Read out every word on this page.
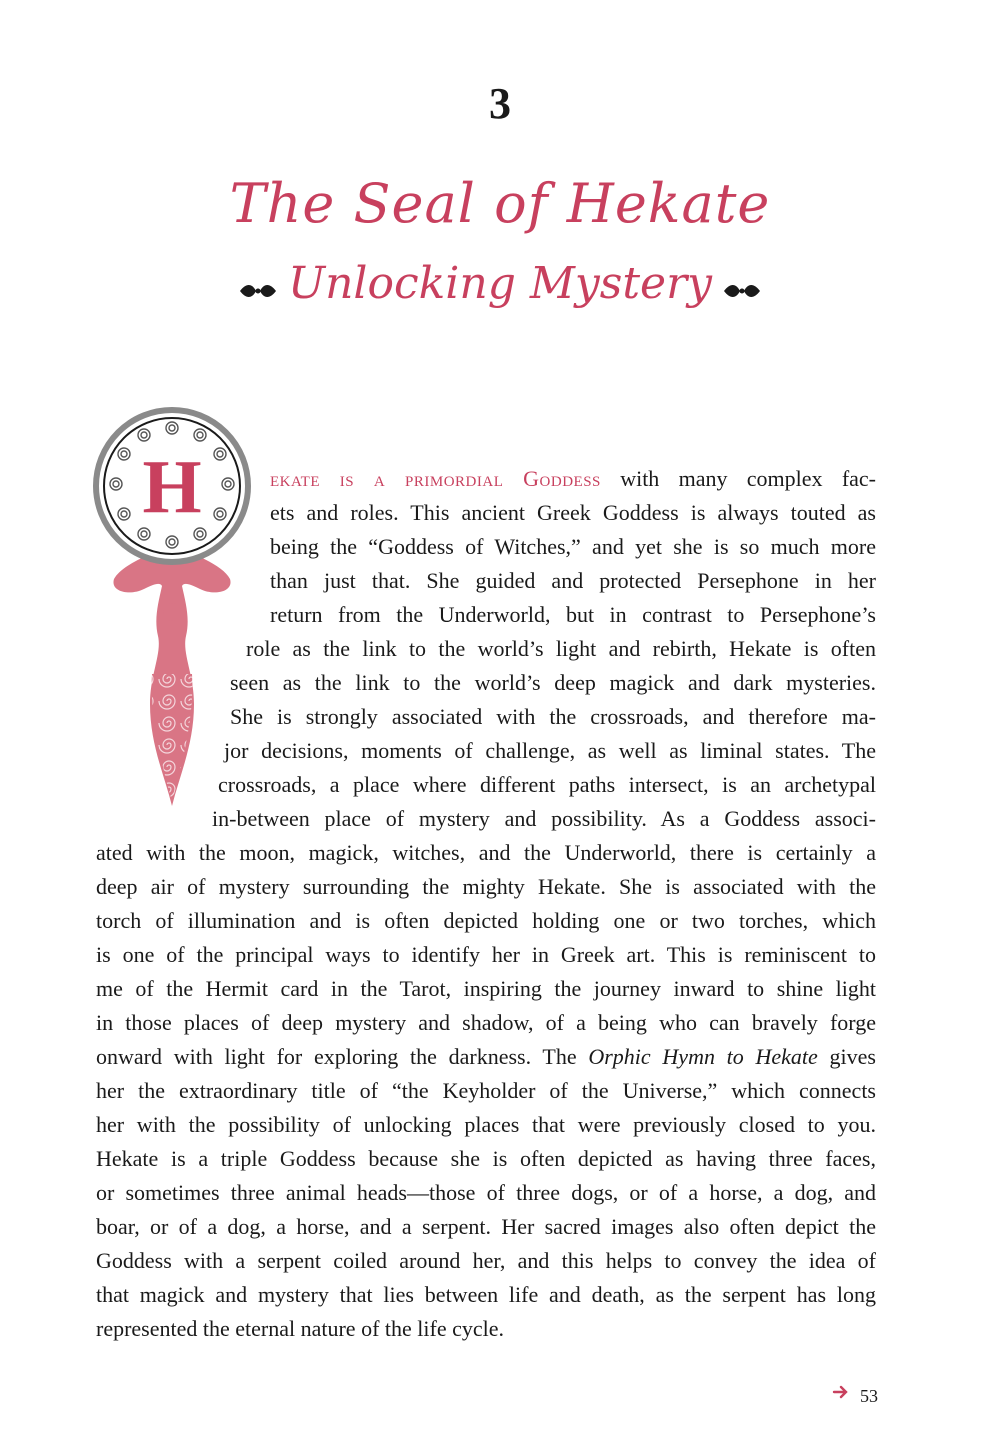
3
The Seal of Hekate
Unlocking Mystery
H	ekate is a primordial Goddess with many complex fac-
ets and roles. This ancient Greek Goddess is always touted as
being the “Goddess of Witches,” and yet she is so much more
than just that. She guided and protected Persephone in her
return from the Underworld, but in contrast to Persephone’s
role as the link to the world’s light and rebirth, Hekate is often
seen as the link to the world’s deep magick and dark mysteries.
She is strongly associated with the crossroads, and therefore ma-
jor decisions, moments of challenge, as well as liminal states. The
crossroads, a place where different paths intersect, is an archetypal
in-between place of mystery and possibility. As a Goddess associ-
ated with the moon, magick, witches, and the Underworld, there is certainly a
deep air of mystery surrounding the mighty Hekate. She is associated with the
torch of illumination and is often depicted holding one or two torches, which
is one of the principal ways to identify her in Greek art. This is reminiscent to
me of the Hermit card in the Tarot, inspiring the journey inward to shine light
in those places of deep mystery and shadow, of a being who can bravely forge
onward with light for exploring the darkness. The Orphic Hymn to Hekate gives
her the extraordinary title of “the Keyholder of the Universe,” which connects
her with the possibility of unlocking places that were previously closed to you.
Hekate is a triple Goddess because she is often depicted as having three faces,
or sometimes three animal heads—those of three dogs, or of a horse, a dog, and
boar, or of a dog, a horse, and a serpent. Her sacred images also often depict the
Goddess with a serpent coiled around her, and this helps to convey the idea of
that magick and mystery that lies between life and death, as the serpent has long
represented the eternal nature of the life cycle.
53
